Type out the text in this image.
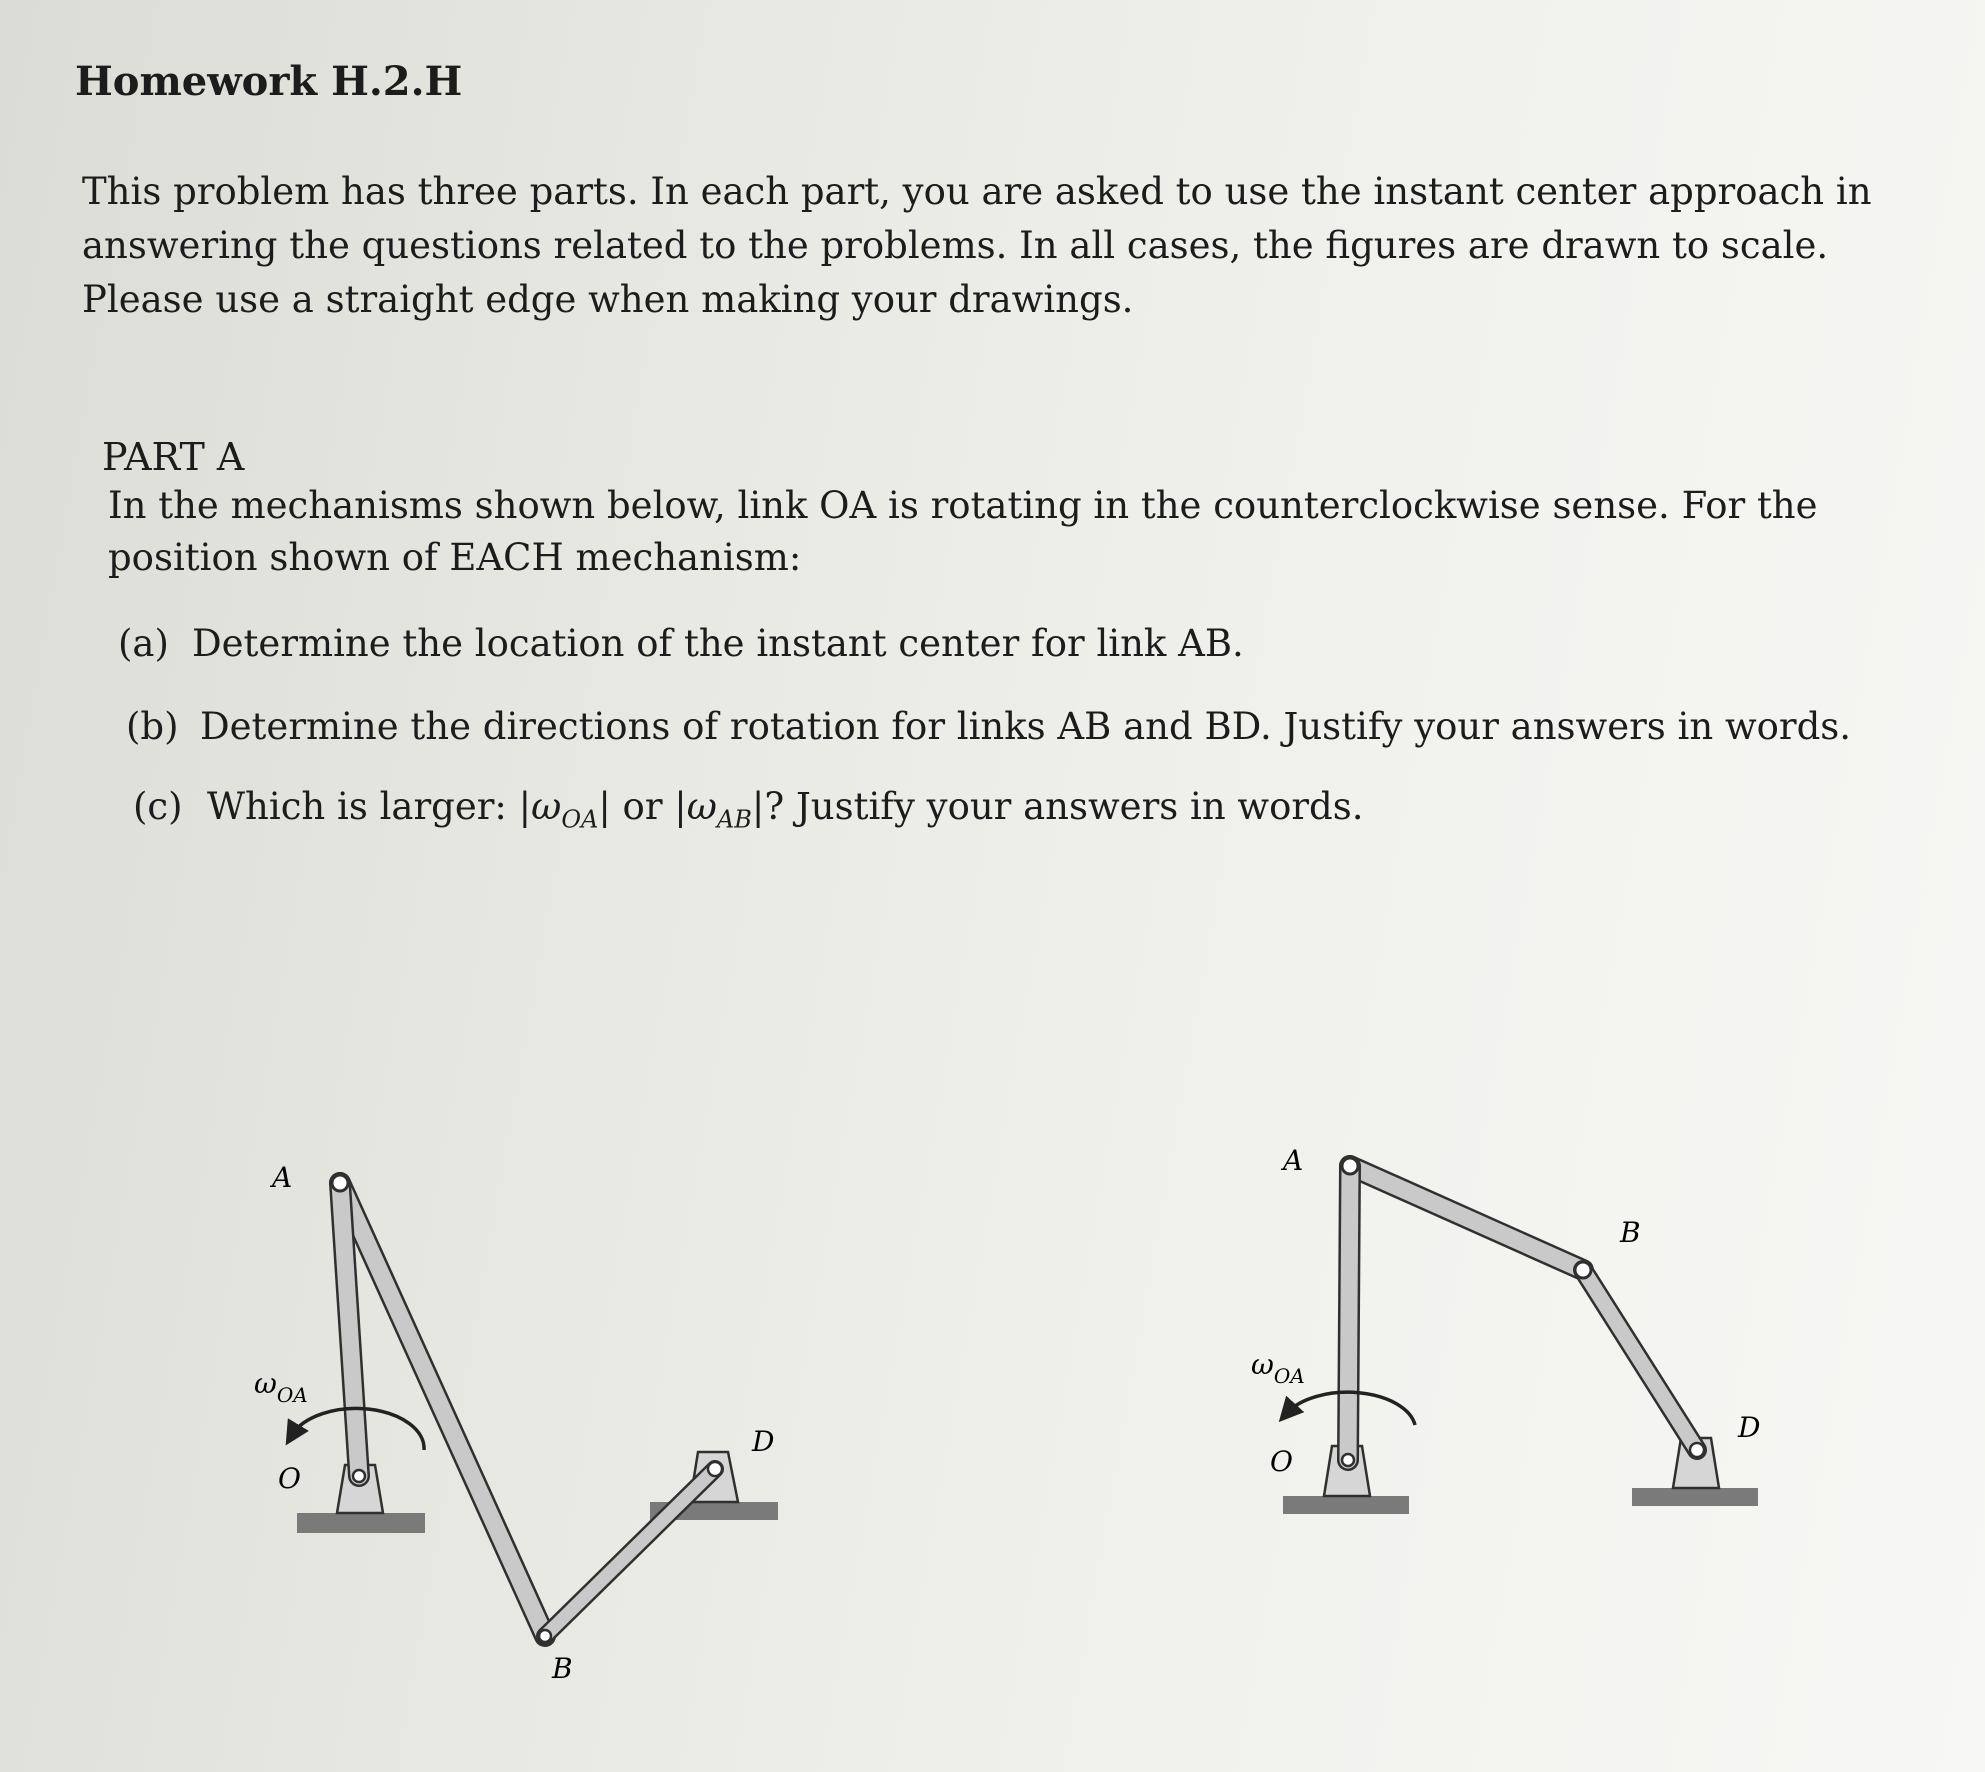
Homework H.2.H

This problem has three parts. In each part, you are asked to use the instant center approach in answering the questions related to the problems. In all cases, the figures are drawn to scale. Please use a straight edge when making your drawings.

PART A
In the mechanisms shown below, link OA is rotating in the counterclockwise sense. For the position shown of EACH mechanism:
(a) Determine the location of the instant center for link AB.
(b) Determine the directions of rotation for links AB and BD. Justify your answers in words.
(c) Which is larger: $|\omega_{OA}|$ or $|\omega_{AB}|$? Justify your answers in words.
A
B
D
O
$\omega_{OA}$
A
B
D
O
$\omega_{OA}$
